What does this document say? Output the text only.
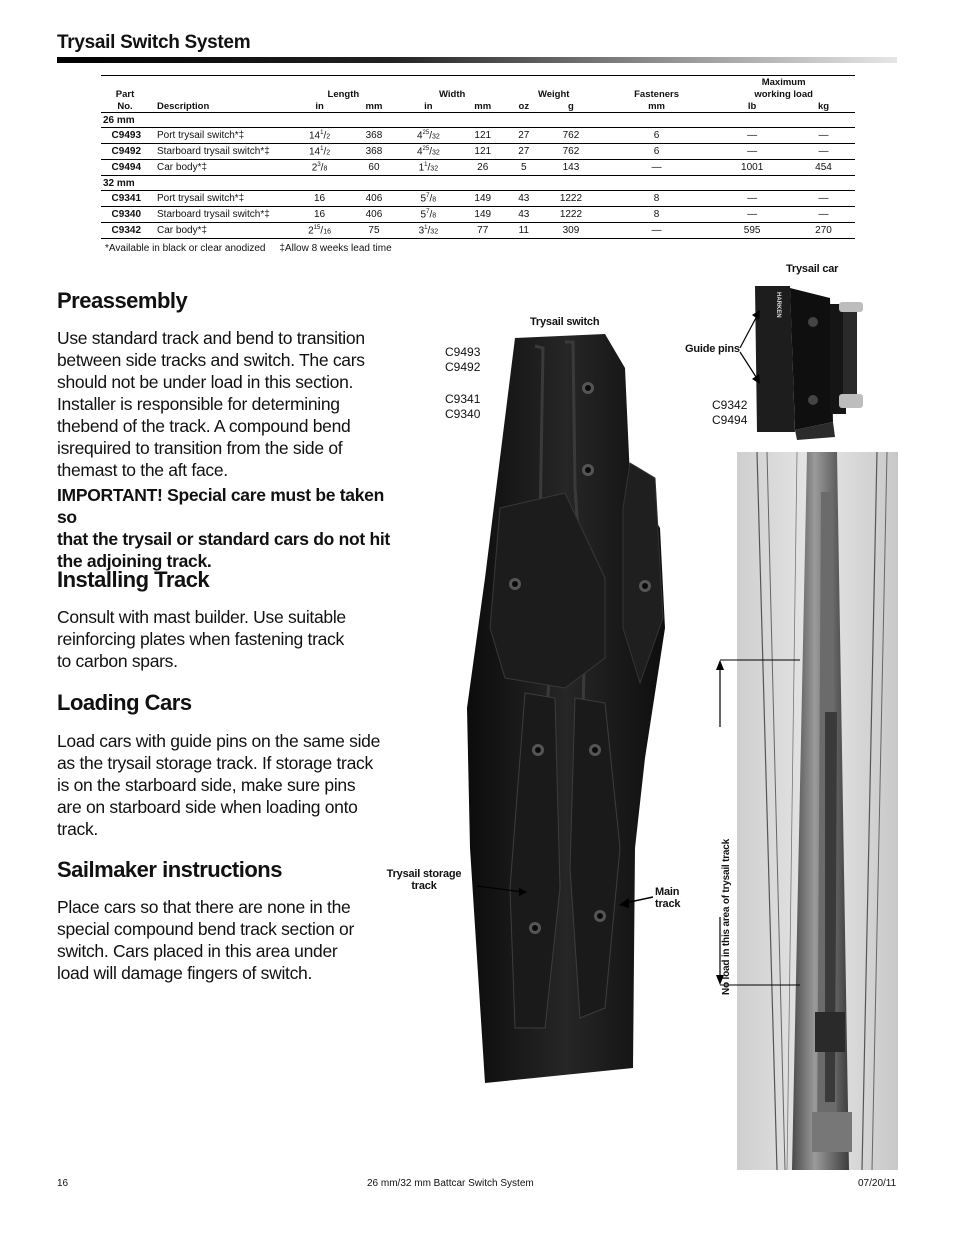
Trysail Switch System
									Maximum	
Part		Length		Width		Weight		Fasteners	working load	
No.	Description	in	mm	in	mm	oz	g	mm	lb	kg
26 mm										
C9493	Port trysail switch*‡	$14^1/2$	368	$4^{25}/32$	121	27	762	6	—	—
C9492	Starboard trysail switch*‡	$14^1/2$	368	$4^{25}/32$	121	27	762	6	—	—
C9494	Car body*‡	$2^3/8$	60	$1^1/32$	26	5	143	—	1001	454
32 mm										
C9341	Port trysail switch*‡	16	406	$5^7/8$	149	43	1222	8	—	—
C9340	Starboard trysail switch*‡	16	406	$5^7/8$	149	43	1222	8	—	—
C9342	Car body*‡	$2^{15}/16$	75	$3^1/32$	77	11	309	—	595	270
*Available in black or clear anodized     ‡Allow 8 weeks lead time
Preassembly
Use standard track and bend to transition
between side tracks and switch. The cars
should not be under load in this section.
Installer is responsible for determining
thebend of the track. A compound bend
isrequired to transition from the side of
themast to the aft face.
IMPORTANT! Special care must be taken so
that the trysail or standard cars do not hit
the adjoining track.
Installing Track
Consult with mast builder. Use suitable
reinforcing plates when fastening track
to carbon spars.
Loading Cars
Load cars with guide pins on the same side
as the trysail storage track. If storage track
is on the starboard side, make sure pins
are on starboard side when loading onto
track.
Sailmaker instructions
Place cars so that there are none in the
special compound bend track section or
switch. Cars placed in this area under
load will damage fingers of switch.
Trysail switch
C9493
C9492
C9341
C9340
Trysail storage
track	Main
track
Trysail car
Guide pins
C9342
C9494
HARKEN
No load in this area of trysail track
16	26 mm/32 mm Battcar Switch System	07/20/11
